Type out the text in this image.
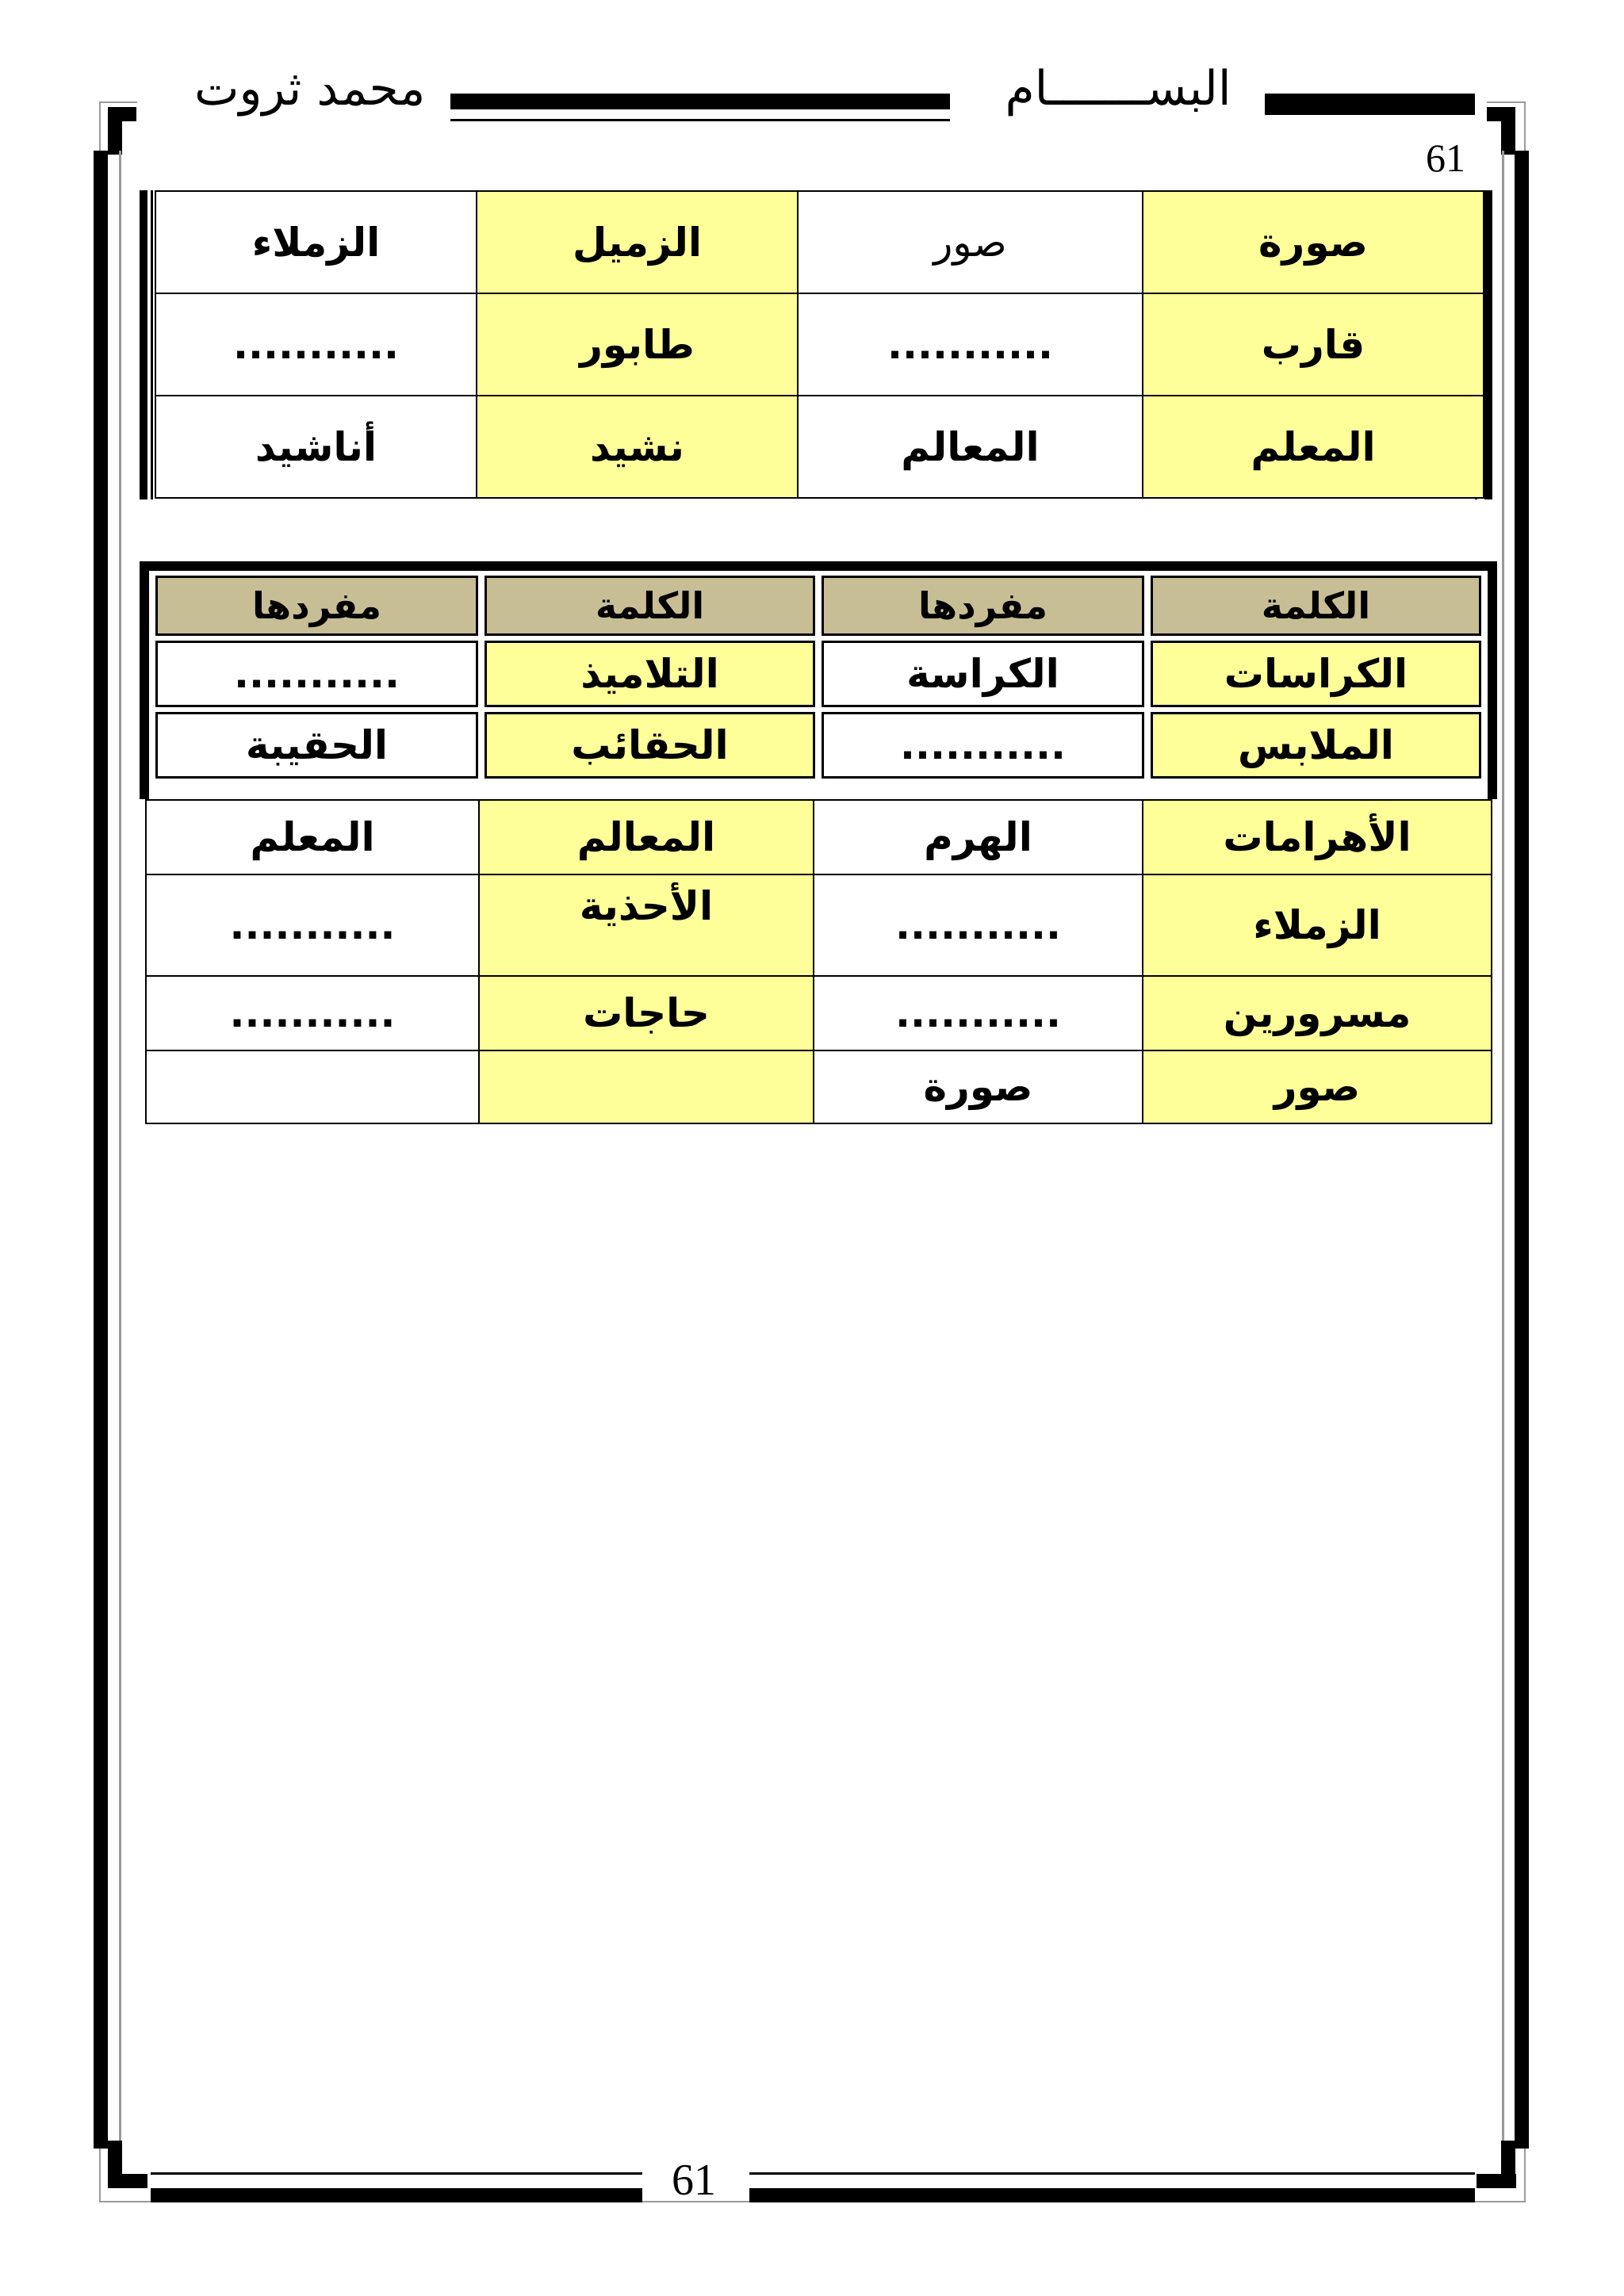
البســـــــام
محمد ثروت
61
صورة	صور	الزميل	الزملاء
قارب	...........	طابور	...........
المعلم	المعالم	نشيد	أناشيد
الكلمة	مفردها	الكلمة	مفردها
الكراسات	الكراسة	التلاميذ	...........
الملابس	...........	الحقائب	الحقيبة
الأهرامات	الهرم	المعالم	المعلم
الزملاء	...........	الأحذية	...........
مسرورين	...........	حاجات	...........
صور	صورة		
61
